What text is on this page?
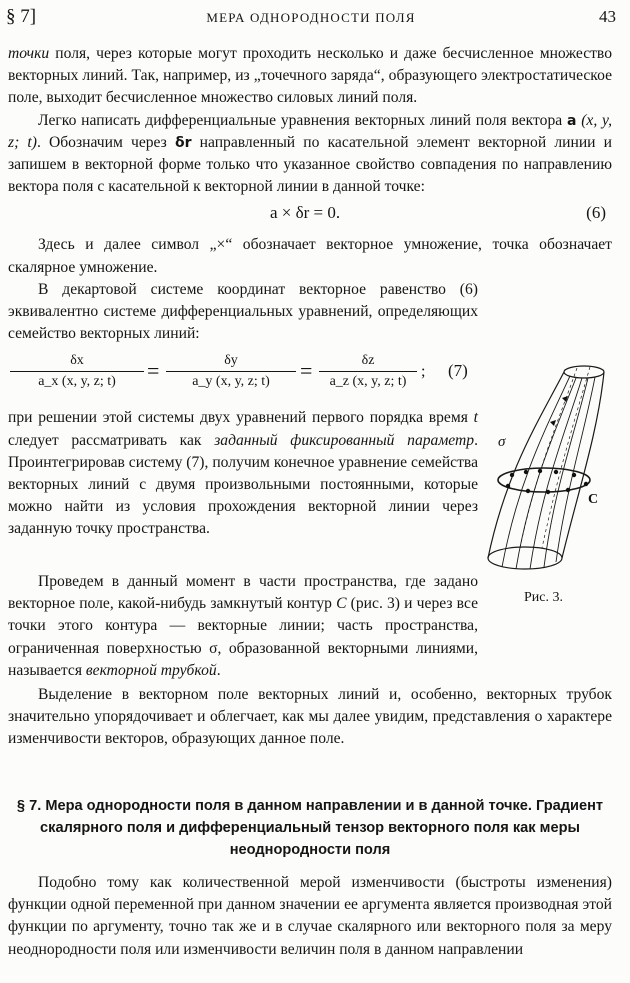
§ 7]	МЕРА ОДНОРОДНОСТИ ПОЛЯ	43

точки поля, через которые могут проходить несколько и даже бесчисленное множество векторных линий. Так, например, из „точечного заряда“, образующего электростатическое поле, выходит бесчисленное множество силовых линий поля.

Легко написать дифференциальные уравнения векторных линий поля вектора a (x, y, z; t). Обозначим через δr направленный по касательной элемент векторной линии и запишем в векторной форме только что указанное свойство совпадения по направлению вектора поля с касательной к векторной линии в данной точке:

a × δr = 0.	(6)

Здесь и далее символ „×“ обозначает векторное умножение, точка обозначает скалярное умножение.

В декартовой системе координат векторное равенство (6) эквивалентно системе дифференциальных уравнений, определяющих семейство векторных линий:

$\frac{\delta x}{a\_x (x, y, z; t)} = \frac{\delta y}{a\_y (x, y, z; t)} = \frac{\delta z}{a\_z (x, y, z; t)}$ ; (7)

при решении этой системы двух уравнений первого порядка время t следует рассматривать как заданный фиксированный параметр. Проинтегрировав систему (7), получим конечное уравнение семейства векторных линий с двумя произвольными постоянными, которые можно найти из условия прохождения векторной линии через заданную точку пространства.

Проведем в данный момент в части пространства, где задано векторное поле, какой-нибудь замкнутый контур C (рис. 3) и через все точки этого контура — векторные линии; часть пространства, ограниченная поверхностью σ, образованной векторными линиями, называется векторной трубкой.

Выделение в векторном поле векторных линий и, особенно, векторных трубок значительно упорядочивает и облегчает, как мы далее увидим, представления о характере изменчивости векторов, образующих данное поле.

σ
C
Рис. 3.

§ 7. Мера однородности поля в данном направлении и в данной точке. Градиент скалярного поля и дифференциальный тензор векторного поля как меры неоднородности поля

Подобно тому как количественной мерой изменчивости (быстроты изменения) функции одной переменной при данном значении ее аргумента является производная этой функции по аргументу, точно так же и в случае скалярного или векторного поля за меру неоднородности поля или изменчивости величин поля в данном направлении
